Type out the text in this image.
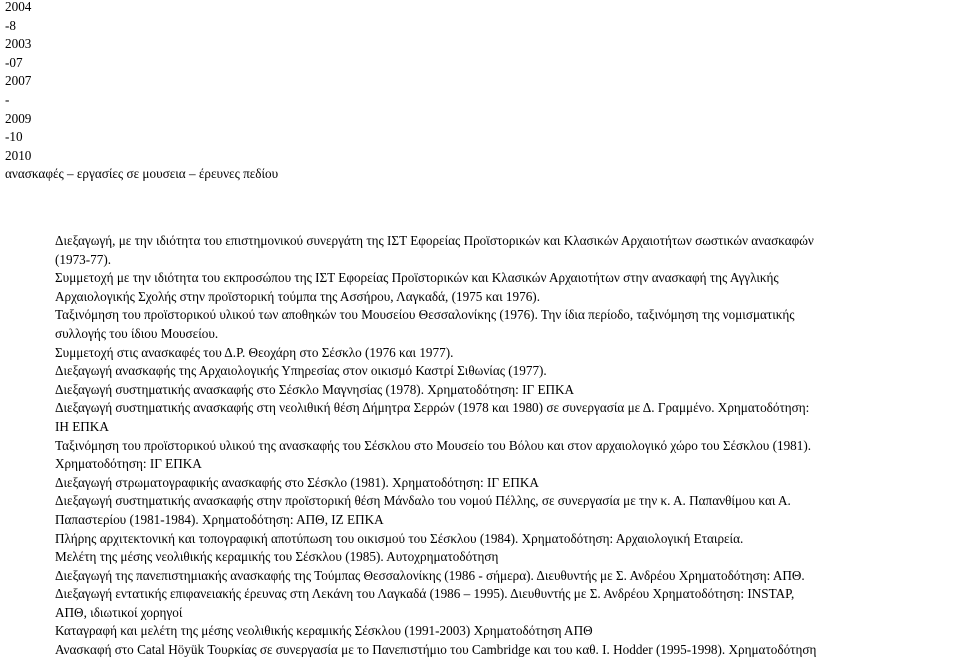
2004
-8
2003
-07
2007
-
2009
-10
2010
ανασκαφές – εργασίες σε μουσεια – έρευνες πεδίου
Διεξαγωγή, με την ιδιότητα του επιστημονικού συνεργάτη της ΙΣΤ Εφορείας Προϊστορικών και Κλασικών Αρχαιοτήτων σωστικών ανασκαφών
(1973-77).
Συμμετοχή με την ιδιότητα του εκπροσώπου της ΙΣΤ Εφορείας Προϊστορικών και Κλασικών Αρχαιοτήτων στην ανασκαφή της Αγγλικής
Αρχαιολογικής Σχολής στην προϊστορική τούμπα της Ασσήρου, Λαγκαδά, (1975 και 1976).
Ταξινόμηση του προϊστορικού υλικού των αποθηκών του Μουσείου Θεσσαλονίκης (1976). Την ίδια περίοδο, ταξινόμηση της νομισματικής
συλλογής του ίδιου Μουσείου.
Συμμετοχή στις ανασκαφές του Δ.Ρ. Θεοχάρη στο Σέσκλο (1976 και 1977).
Διεξαγωγή ανασκαφής της Αρχαιολογικής Υπηρεσίας στον οικισμό Καστρί Σιθωνίας (1977).
Διεξαγωγή συστηματικής ανασκαφής στο Σέσκλο Μαγνησίας (1978). Χρηματοδότηση: ΙΓ ΕΠΚΑ
Διεξαγωγή συστηματικής ανασκαφής στη νεολιθική θέση Δήμητρα Σερρών (1978 και 1980) σε συνεργασία με Δ. Γραμμένο. Χρηματοδότηση:
ΙΗ ΕΠΚΑ
Ταξινόμηση του προϊστορικού υλικού της ανασκαφής του Σέσκλου στο Μουσείο του Βόλου και στον αρχαιολογικό χώρο του Σέσκλου (1981).
Χρηματοδότηση: ΙΓ ΕΠΚΑ
Διεξαγωγή στρωματογραφικής ανασκαφής στο Σέσκλο (1981). Χρηματοδότηση: ΙΓ ΕΠΚΑ
Διεξαγωγή συστηματικής ανασκαφής στην προϊστορική θέση Μάνδαλο του νομού Πέλλης, σε συνεργασία με την κ. Α. Παπανθίμου και Α.
Παπαστερίου (1981-1984). Χρηματοδότηση: ΑΠΘ, ΙΖ ΕΠΚΑ
Πλήρης αρχιτεκτονική και τοπογραφική αποτύπωση του οικισμού του Σέσκλου (1984). Χρηματοδότηση: Αρχαιολογική Εταιρεία.
Μελέτη της μέσης νεολιθικής κεραμικής του Σέσκλου (1985). Αυτοχρηματοδότηση
Διεξαγωγή της πανεπιστημιακής ανασκαφής της Τούμπας Θεσσαλονίκης (1986 - σήμερα). Διευθυντής με Σ. Ανδρέου Χρηματοδότηση: ΑΠΘ.
Διεξαγωγή εντατικής επιφανειακής έρευνας στη Λεκάνη του Λαγκαδά (1986 – 1995). Διευθυντής με Σ. Ανδρέου Χρηματοδότηση: INSTAP,
ΑΠΘ, ιδιωτικοί χορηγοί
Καταγραφή και μελέτη της μέσης νεολιθικής κεραμικής Σέσκλου (1991-2003) Χρηματοδότηση ΑΠΘ
Ανασκαφή στο Catal Höyük Τουρκίας σε συνεργασία με το Πανεπιστήμιο του Cambridge και του καθ. I. Hodder (1995-1998). Χρηματοδότηση
